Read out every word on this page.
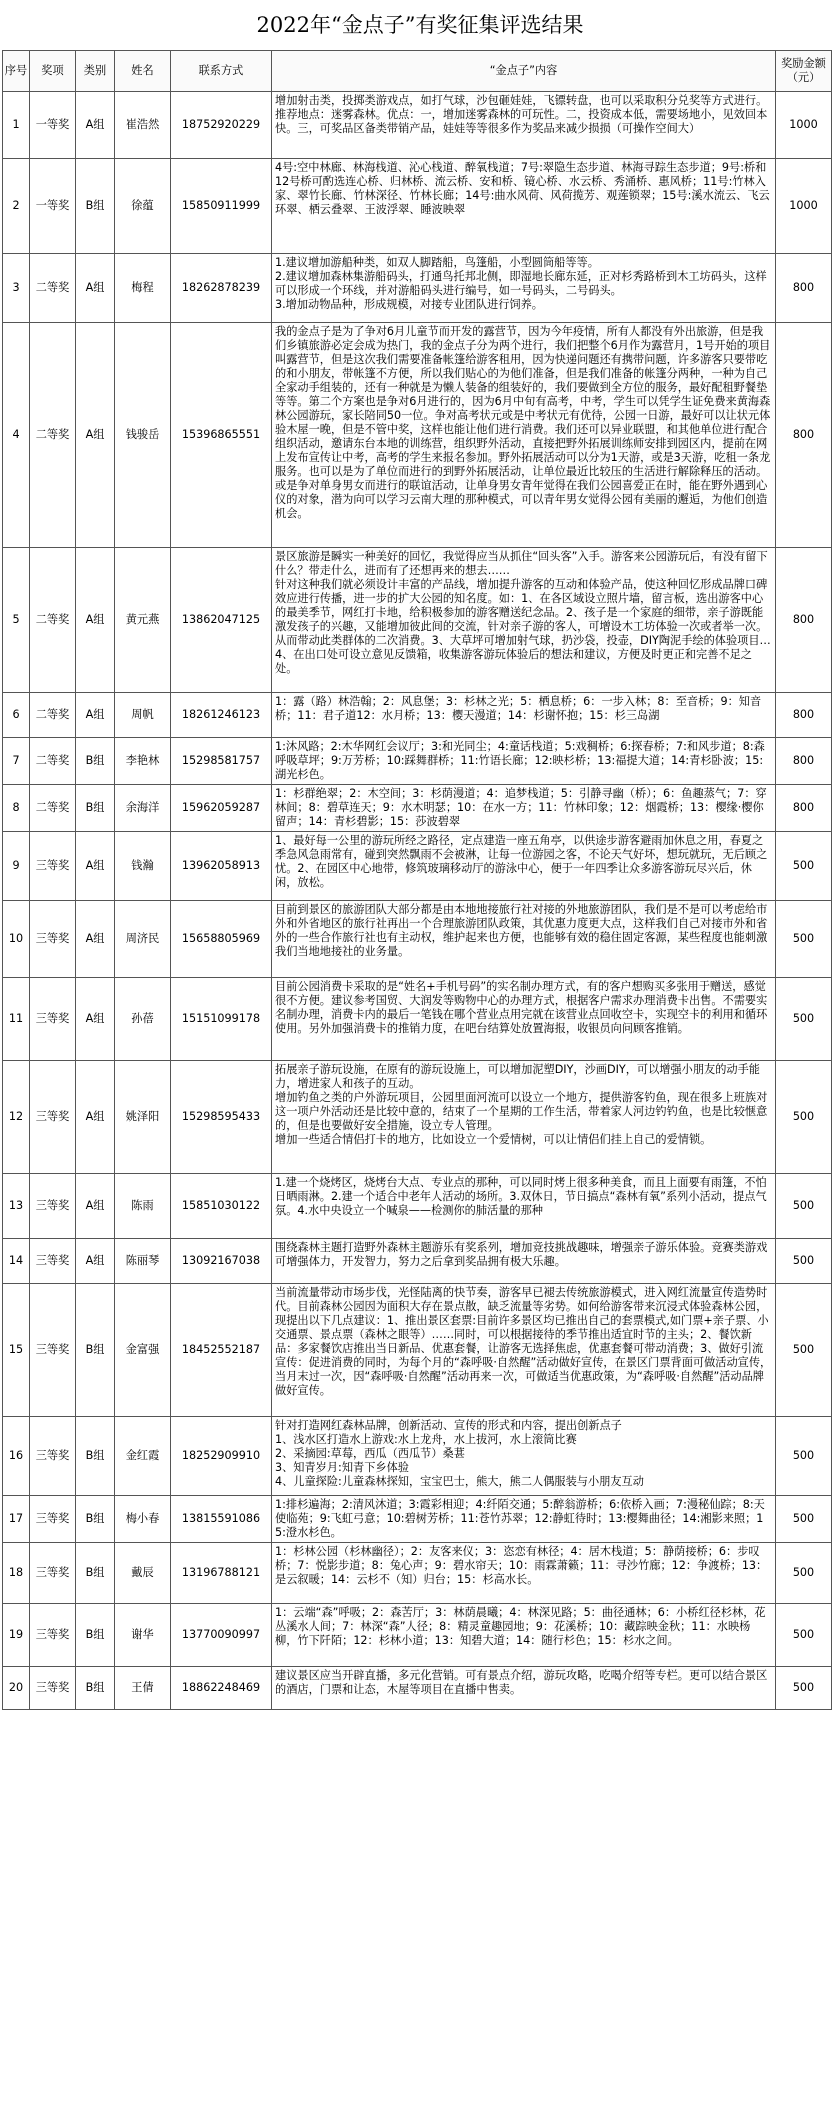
2022年“金点子”有奖征集评选结果
序号	奖项	类别	姓名	联系方式	“金点子”内容	奖励金额（元）
1	一等奖	A组	崔浩然	18752920229	增加射击类，投掷类游戏点，如打气球，沙包砸娃娃，飞镖转盘，也可以采取积分兑奖等方式进行。推荐地点：迷雾森林。优点：一，增加迷雾森林的可玩性。二，投资成本低，需要场地小，见效回本快。三，可奖品区备类带销产品，娃娃等等很多作为奖品来减少损损（可操作空间大）	1000
2	一等奖	B组	徐蕴	15850911999	4号:空中林廊、林海栈道、沁心栈道、醉氧栈道；7号:翠隐生态步道、林海寻踪生态步道；9号:桥和12号桥可酌选连心桥、归林桥、流云桥、安和桥、镜心桥、水云桥、秀涌桥、惠风桥；11号:竹林入家、翠竹长廊、竹林深径、竹林长廊；14号:曲水风荷、风荷揽芳、观莲锁翠；15号:溪水流云、飞云环翠、栖云叠翠、王波浮翠、睡波映翠	1000
3	二等奖	A组	梅程	18262878239	1.建议增加游船种类，如双人脚踏船，鸟篷船，小型圆筒船等等。

2.建议增加森林集游船码头，打通鸟托邦北侧，即湿地长廊东延，正对杉秀路桥到木工坊码头，这样可以形成一个环线，并对游船码头进行编号，如一号码头，二号码头。

3.增加动物品种，形成规模，对接专业团队进行饲养。	800
4	二等奖	A组	钱骏岳	15396865551	我的金点子是为了争对6月儿童节而开发的露营节，因为今年疫情，所有人都没有外出旅游，但是我们乡镇旅游必定会成为热门，我的金点子分为两个进行，我们把整个6月作为露营月，1号开始的项目叫露营节，但是这次我们需要准备帐篷给游客租用，因为快递问题还有携带问题，许多游客只要带吃的和小朋友，带帐篷不方便，所以我们贴心的为他们准备，但是我们准备的帐篷分两种，一种为自己全家动手组装的，还有一种就是为懒人装备的组装好的，我们要做到全方位的服务，最好配租野餐垫等等。第二个方案也是争对6月进行的，因为6月中旬有高考，中考，学生可以凭学生证免费来黄海森林公园游玩，家长陪同50一位。争对高考状元或是中考状元有优待，公园一日游，最好可以让状元体验木屋一晚，但是不管中奖，这样也能让他们进行消费。我们还可以异业联盟，和其他单位进行配合组织活动，邀请东台本地的训练营，组织野外活动，直接把野外拓展训练师安排到园区内，提前在网上发布宣传让中考，高考的学生来报名参加。野外拓展活动可以分为1天游，或是3天游，吃租一条龙服务。也可以是为了单位而进行的到野外拓展活动，让单位最近比较压的生活进行解除释压的活动。或是争对单身男女而进行的联谊活动，让单身男女青年觉得在我们公园喜爱正在时，能在野外遇到心仪的对象，潜为向可以学习云南大理的那种模式，可以青年男女觉得公园有美丽的邂逅，为他们创造机会。	800
5	二等奖	A组	黄元燕	13862047125	景区旅游是瞬实一种美好的回忆，我觉得应当从抓住“回头客”入手。游客来公园游玩后，有没有留下什么？带走什么，进而有了还想再来的想去……

针对这种我们就必须设计丰富的产品线，增加提升游客的互动和体验产品，使这种回忆形成品牌口碑效应进行传播，进一步的扩大公园的知名度。如：1、在各区域设立照片墙，留言板，选出游客中心的最美季节，网红打卡地，给积极参加的游客赠送纪念品。2、孩子是一个家庭的细带，亲子游既能激发孩子的兴趣，又能增加彼此间的交流，针对亲子游的客人，可增设木工坊体验一次或者举一次。从而带动此类群体的二次消费。3、大草坪可增加射气球，扔沙袋，投壶，DIY陶泥手绘的体验项目…4、在出口处可设立意见反馈箱，收集游客游玩体验后的想法和建议，方便及时更正和完善不足之处。	800
6	二等奖	A组	周帆	18261246123	1：露（路）林浩翰；2：风息堡；3：杉林之光；5：栖息桥；6：一步入林；8：至音桥；9：知音桥；11：君子道12：水月桥；13：樱天漫道；14：杉谢怀抱；15：杉三岛湖	800
7	二等奖	B组	李艳林	15298581757	1:沐风路；2:木华网红会议厅；3:和光同尘；4:童话栈道；5:戏稠桥；6:探春桥；7:和风步道；8:森呼吸草坪；9:万芳桥；10:踩舞群桥；11:竹语长廊；12:映杉桥；13:福提大道；14:青杉卧波；15:湖光杉色。	800
8	二等奖	B组	余海洋	15962059287	1：杉群绝翠；2：木空间；3：杉荫漫道；4：追梦栈道；5：引静寻幽（桥）；6：鱼趣蒸气；7：穿林间；8：碧草连天；9：水木明瑟；10：在水一方；11：竹林印象；12：烟霞桥；13：樱缘·樱你留声；14：青杉碧影；15：莎波碧翠	800
9	三等奖	A组	钱瀚	13962058913	1、最好每一公里的游玩所经之路径，定点建造一座五角亭，以供途步游客避雨加休息之用，春夏之季急风急雨常有，碰到突然飘雨不会被淋，让每一位游园之客，不论天气好坏，想玩就玩，无后顾之忧。2、在园区中心地带，修筑玻璃移动厅的游泳中心，便于一年四季让众多游客游玩尽兴后，休闲，放松。	500
10	三等奖	A组	周济民	15658805969	目前到景区的旅游团队大部分都是由本地地接旅行社对接的外地旅游团队，我们是不是可以考虑给市外和外省地区的旅行社再出一个合理旅游团队政策，其优惠力度更大点，这样我们自己对接市外和省外的一些合作旅行社也有主动权，维护起来也方便，也能够有效的稳住固定客源，某些程度也能刺激我们当地地接社的业务量。	500
11	三等奖	A组	孙蓓	15151099178	目前公园消费卡采取的是“姓名+手机号码”的实名制办理方式，有的客户想购买多张用于赠送，感觉很不方便。建议参考国贸、大润发等购物中心的办理方式，根据客户需求办理消费卡出售。不需要实名制办理，消费卡内的最后一笔钱在哪个营业点用完就在该营业点回收空卡，实现空卡的利用和循环使用。另外加强消费卡的推销力度，在吧台结算处放置海报，收银员向问顾客推销。	500
12	三等奖	A组	姚泽阳	15298595433	拓展亲子游玩设施，在原有的游玩设施上，可以增加泥塑DIY，沙画DIY，可以增强小朋友的动手能力，增进家人和孩子的互动。

增加钓鱼之类的户外游玩项目，公园里面河流可以设立一个地方，提供游客钓鱼，现在很多上班族对这一项户外活动还是比较中意的，结束了一个星期的工作生活，带着家人河边钓钓鱼，也是比较惬意的，但是也要做好安全措施，设立专人管理。

增加一些适合情侣打卡的地方，比如设立一个爱情树，可以让情侣们挂上自己的爱情锁。	500
13	三等奖	A组	陈雨	15851030122	1.建一个烧烤区，烧烤台大点、专业点的那种，可以同时烤上很多种美食，而且上面要有雨篷，不怕日晒雨淋。2.建一个适合中老年人活动的场所。3.双休日，节日搞点“森林有氧”系列小活动，提点气氛。4.水中央设立一个喊泉——检测你的肺活量的那种	500
14	三等奖	A组	陈丽琴	13092167038	围绕森林主题打造野外森林主题游乐有奖系列，增加竞技挑战趣味，增强亲子游乐体验。竞赛类游戏可增强体力，开发智力，努力之后拿到奖品拥有极大乐趣。	500
15	三等奖	B组	金富强	18452552187	当前流量带动市场步伐，光怪陆离的快节奏，游客早已褪去传统旅游模式，进入网红流量宣传造势时代。目前森林公园因为面积大存在景点散，缺乏流量等劣势。如何给游客带来沉浸式体验森林公园，现提出以下几点建议：1、推出景区套票:目前许多景区均已推出自己的套票模式,如门票+亲子票、小交通票、景点票（森林之眼等）……同时，可以根据接待的季节推出适宜时节的主头；2、餐饮新品：多家餐饮店推出当日新品、优惠套餐，让游客无选择焦虑，优惠套餐可带动消费；3、做好引流宣传：促进消费的同时，为每个月的“森呼吸·自然醒”活动做好宣传，在景区门票背面可做活动宣传，当月末过一次，因“森呼吸·自然醒”活动再来一次，可做适当优惠政策，为“森呼吸·自然醒”活动品牌做好宣传。	500
16	三等奖	B组	金红霞	18252909910	针对打造网红森林品牌，创新活动、宣传的形式和内容，提出创新点子

1、浅水区打造水上游戏:水上龙舟，水上拔河，水上滚筒比赛

2、采摘园:草莓，西瓜（西瓜节）桑葚

3、知青岁月:知青下乡体验

4、儿童探险:儿童森林探知，宝宝巴士，熊大，熊二人偶服装与小朋友互动	500
17	三等奖	B组	梅小春	13815591086	1:排杉遍海；2:清风沐道；3:霞彩相迎；4:纤陌交通；5:醉翁游桥；6:依桥入画；7:漫秘仙踪；8:天使临苑；9:飞虹弓意；10:碧树芳桥；11:苍竹苏翠；12:静虹待时；13:樱舞曲径；14:湘影来照；15:澄水杉色。	500
18	三等奖	B组	戴辰	13196788121	1：杉林公园（杉林幽径）；2：友客来仪；3：恣恋有林径；4：居木栈道；5：静荫接桥；6：步叹桥；7：悦影步道；8：兔心声；9：碧水帘天；10：雨霖萧籁；11：寻沙竹廊；12：争渡桥；13：是云叙暖；14：云杉不（知）归台；15：杉高水长。	500
19	三等奖	B组	谢华	13770090997	1：云端“森”呼吸；2：森苦厅；3：林荫晨曦；4：林深见路；5：曲径通林；6：小桥红径杉林，花丛溪水人间；7：林深“森”人径；8：精灵童趣园地；9：花溪桥；10：藏踪映金秋；11：水映杨柳，竹下阡陌；12：杉林小道；13：知碧大道；14：随行杉色；15：杉水之间。	500
20	三等奖	B组	王倩	18862248469	建议景区应当开辟直播，多元化营销。可有景点介绍，游玩攻略，吃喝介绍等专栏。更可以结合景区的酒店，门票和让态，木屋等项目在直播中售卖。	500
